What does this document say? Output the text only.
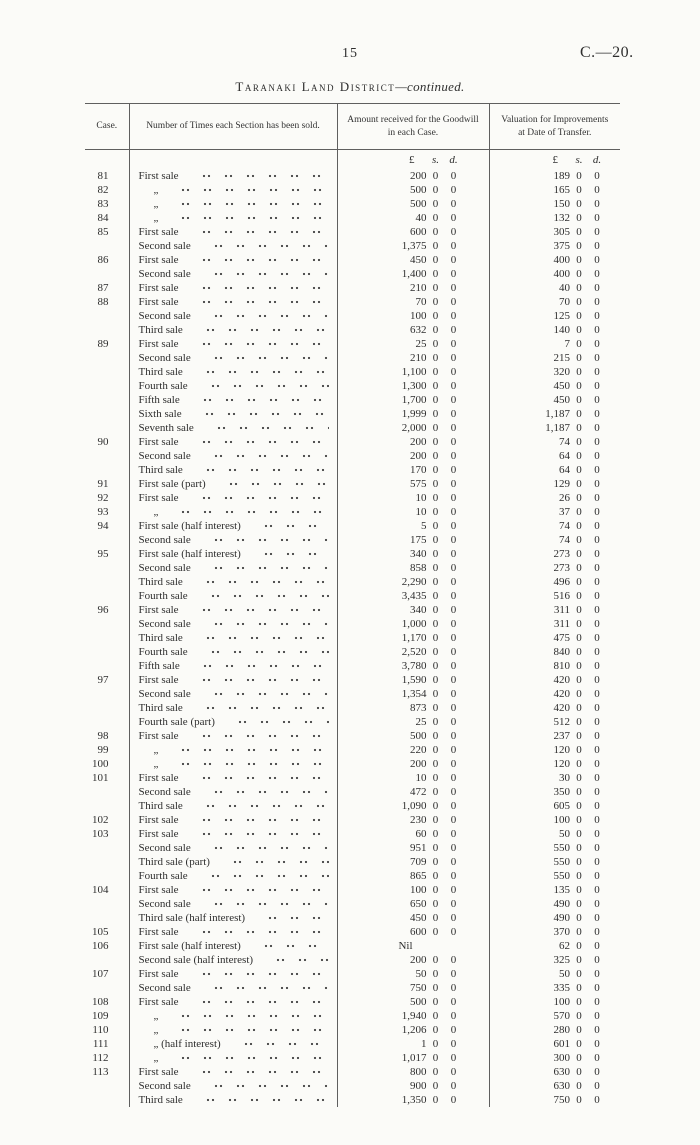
15	C.—20.
Taranaki Land District—continued.
Case.	Number of Times each Section has been sold.	Amount received for the Goodwill in each Case.	Valuation for Improvements at Date of Transfer.

		£ s. d.	£ s. d.

81	First sale	200 0 0	189 0 0

82	„	500 0 0	165 0 0

83	„	500 0 0	150 0 0

84	„	40 0 0	132 0 0

85	First sale	600 0 0	305 0 0

	Second sale	1,375 0 0	375 0 0

86	First sale	450 0 0	400 0 0

	Second sale	1,400 0 0	400 0 0

87	First sale	210 0 0	40 0 0

88	First sale	70 0 0	70 0 0

	Second sale	100 0 0	125 0 0

	Third sale	632 0 0	140 0 0

89	First sale	25 0 0	7 0 0

	Second sale	210 0 0	215 0 0

	Third sale	1,100 0 0	320 0 0

	Fourth sale	1,300 0 0	450 0 0

	Fifth sale	1,700 0 0	450 0 0

	Sixth sale	1,999 0 0	1,187 0 0

	Seventh sale	2,000 0 0	1,187 0 0

90	First sale	200 0 0	74 0 0

	Second sale	200 0 0	64 0 0

	Third sale	170 0 0	64 0 0

91	First sale (part)	575 0 0	129 0 0

92	First sale	10 0 0	26 0 0

93	„	10 0 0	37 0 0

94	First sale (half interest)	5 0 0	74 0 0

	Second sale	175 0 0	74 0 0

95	First sale (half interest)	340 0 0	273 0 0

	Second sale	858 0 0	273 0 0

	Third sale	2,290 0 0	496 0 0

	Fourth sale	3,435 0 0	516 0 0

96	First sale	340 0 0	311 0 0

	Second sale	1,000 0 0	311 0 0

	Third sale	1,170 0 0	475 0 0

	Fourth sale	2,520 0 0	840 0 0

	Fifth sale	3,780 0 0	810 0 0

97	First sale	1,590 0 0	420 0 0

	Second sale	1,354 0 0	420 0 0

	Third sale	873 0 0	420 0 0

	Fourth sale (part)	25 0 0	512 0 0

98	First sale	500 0 0	237 0 0

99	„	220 0 0	120 0 0

100	„	200 0 0	120 0 0

101	First sale	10 0 0	30 0 0

	Second sale	472 0 0	350 0 0

	Third sale	1,090 0 0	605 0 0

102	First sale	230 0 0	100 0 0

103	First sale	60 0 0	50 0 0

	Second sale	951 0 0	550 0 0

	Third sale (part)	709 0 0	550 0 0

	Fourth sale	865 0 0	550 0 0

104	First sale	100 0 0	135 0 0

	Second sale	650 0 0	490 0 0

	Third sale (half interest)	450 0 0	490 0 0

105	First sale	600 0 0	370 0 0

106	First sale (half interest)	Nil	62 0 0

	Second sale (half interest)	200 0 0	325 0 0

107	First sale	50 0 0	50 0 0

	Second sale	750 0 0	335 0 0

108	First sale	500 0 0	100 0 0

109	„	1,940 0 0	570 0 0

110	„	1,206 0 0	280 0 0

111	„ (half interest)	1 0 0	601 0 0

112	„	1,017 0 0	300 0 0

113	First sale	800 0 0	630 0 0

	Second sale	900 0 0	630 0 0

	Third sale	1,350 0 0	750 0 0
